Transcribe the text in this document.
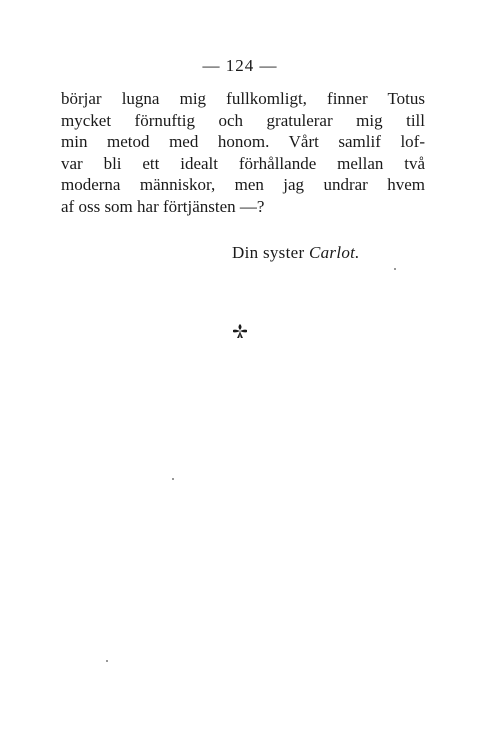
— 124 —
börjar lugna mig fullkomligt, finner Totus
mycket förnuftig och gratulerar mig till
min metod med honom. Vårt samlif lof-
var bli ett idealt förhållande mellan två
moderna människor, men jag undrar hvem
af oss som har förtjänsten —?
Din syster Carlot.
